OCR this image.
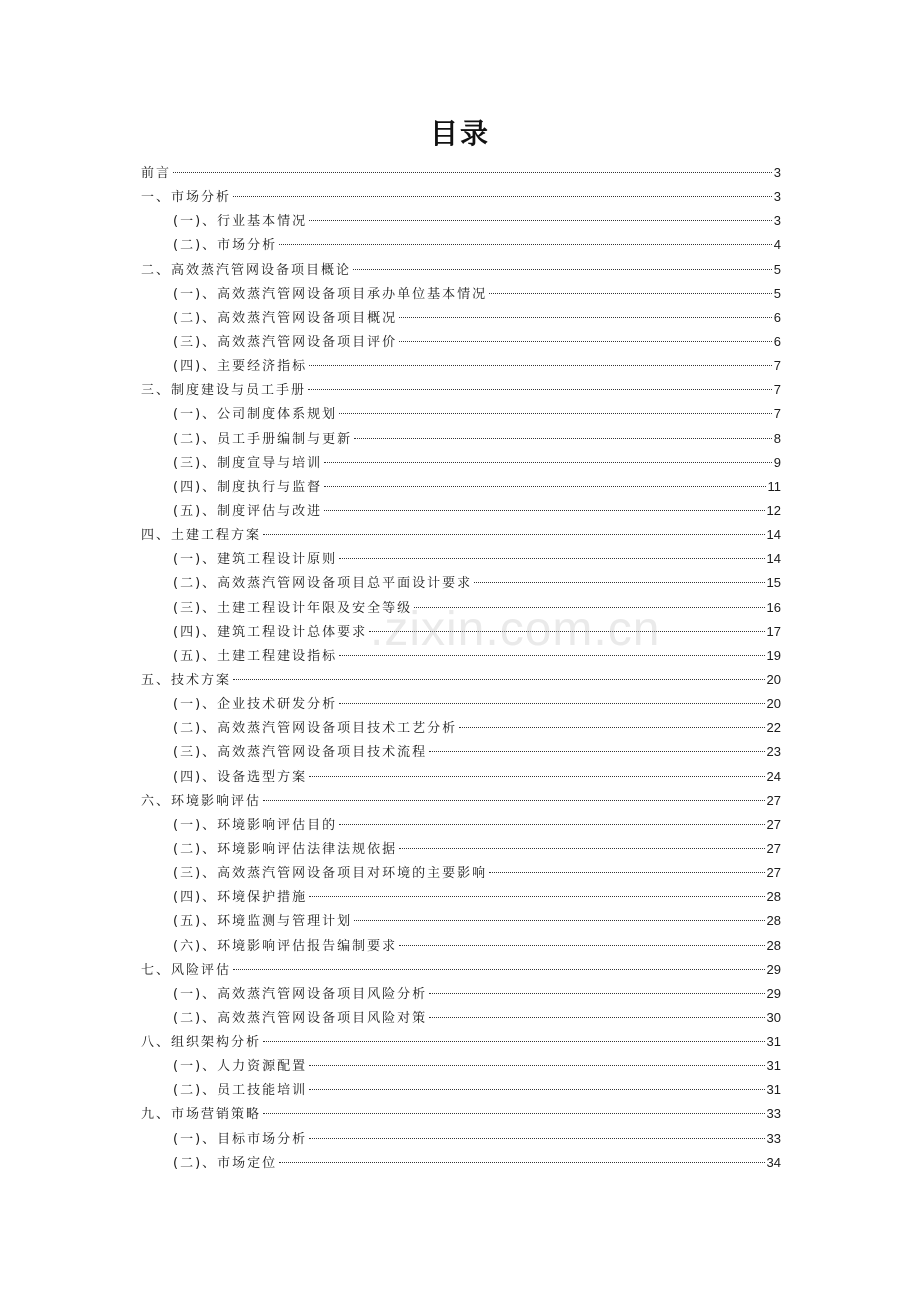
目录
前言	3
一、市场分析	3
(一)、行业基本情况	3
(二)、市场分析	4
二、高效蒸汽管网设备项目概论	5
(一)、高效蒸汽管网设备项目承办单位基本情况	5
(二)、高效蒸汽管网设备项目概况	6
(三)、高效蒸汽管网设备项目评价	6
(四)、主要经济指标	7
三、制度建设与员工手册	7
(一)、公司制度体系规划	7
(二)、员工手册编制与更新	8
(三)、制度宣导与培训	9
(四)、制度执行与监督	11
(五)、制度评估与改进	12
四、土建工程方案	14
(一)、建筑工程设计原则	14
(二)、高效蒸汽管网设备项目总平面设计要求	15
(三)、土建工程设计年限及安全等级	16
(四)、建筑工程设计总体要求	17
(五)、土建工程建设指标	19
五、技术方案	20
(一)、企业技术研发分析	20
(二)、高效蒸汽管网设备项目技术工艺分析	22
(三)、高效蒸汽管网设备项目技术流程	23
(四)、设备选型方案	24
六、环境影响评估	27
(一)、环境影响评估目的	27
(二)、环境影响评估法律法规依据	27
(三)、高效蒸汽管网设备项目对环境的主要影响	27
(四)、环境保护措施	28
(五)、环境监测与管理计划	28
(六)、环境影响评估报告编制要求	28
七、风险评估	29
(一)、高效蒸汽管网设备项目风险分析	29
(二)、高效蒸汽管网设备项目风险对策	30
八、组织架构分析	31
(一)、人力资源配置	31
(二)、员工技能培训	31
九、市场营销策略	33
(一)、目标市场分析	33
(二)、市场定位	34
.zixin.com.cn
